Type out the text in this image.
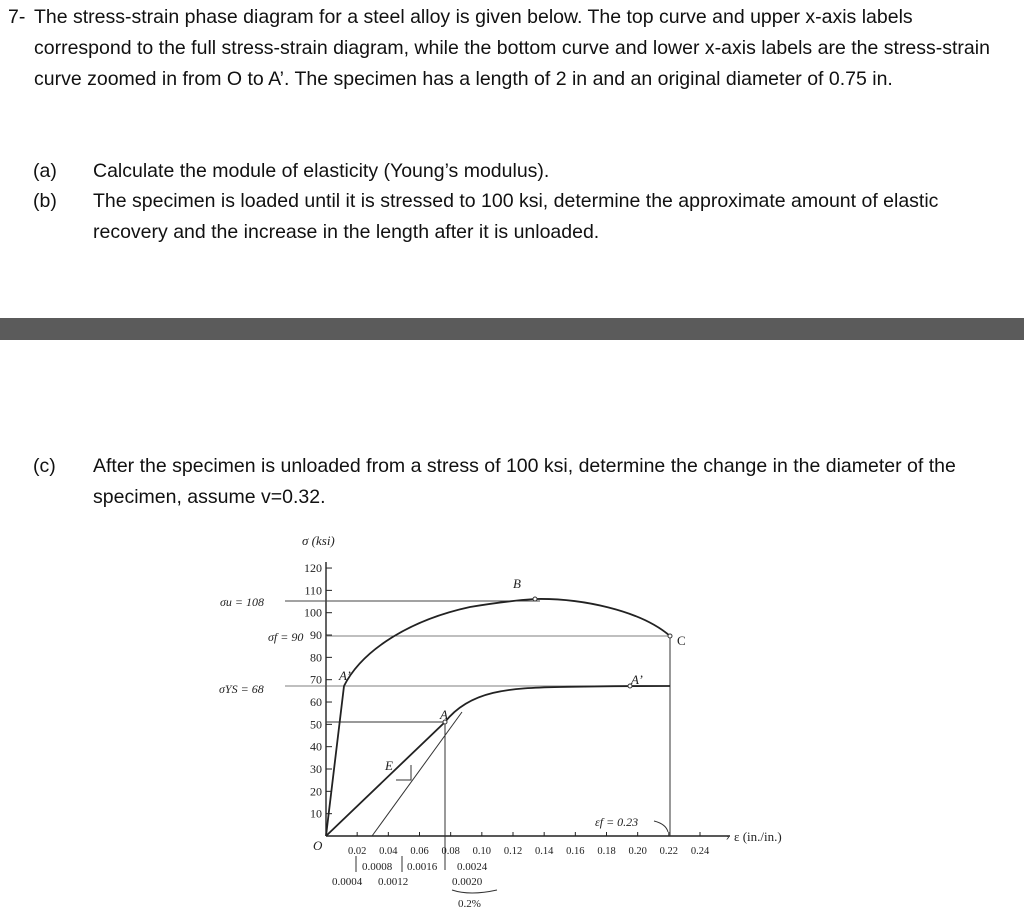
7- The stress-strain phase diagram for a steel alloy is given below. The top curve and upper x-axis labels correspond to the full stress-strain diagram, while the bottom curve and lower x-axis labels are the stress-strain curve zoomed in from O to A’. The specimen has a length of 2 in and an original diameter of 0.75 in.
(a) Calculate the module of elasticity (Young’s modulus).
(b) The specimen is loaded until it is stressed to 100 ksi, determine the approximate amount of elastic recovery and the increase in the length after it is unloaded.
(c) After the specimen is unloaded from a stress of 100 ksi, determine the change in the diameter of the specimen, assume v=0.32.
›
σ (ksi)
ε (in./in.)
O
A
B
C
A’	A’
E
σu = 108
σf = 90
σYS = 68
εf = 0.23
120
110
100
90
80
70
60
50
40
30
20
10
0.02 0.04 0.06 0.08 0.10 0.12 0.14 0.16 0.18 0.20 0.22 0.24
0.0008 0.0016 0.0024
0.0004 0.0012	0.0020
0.2%
